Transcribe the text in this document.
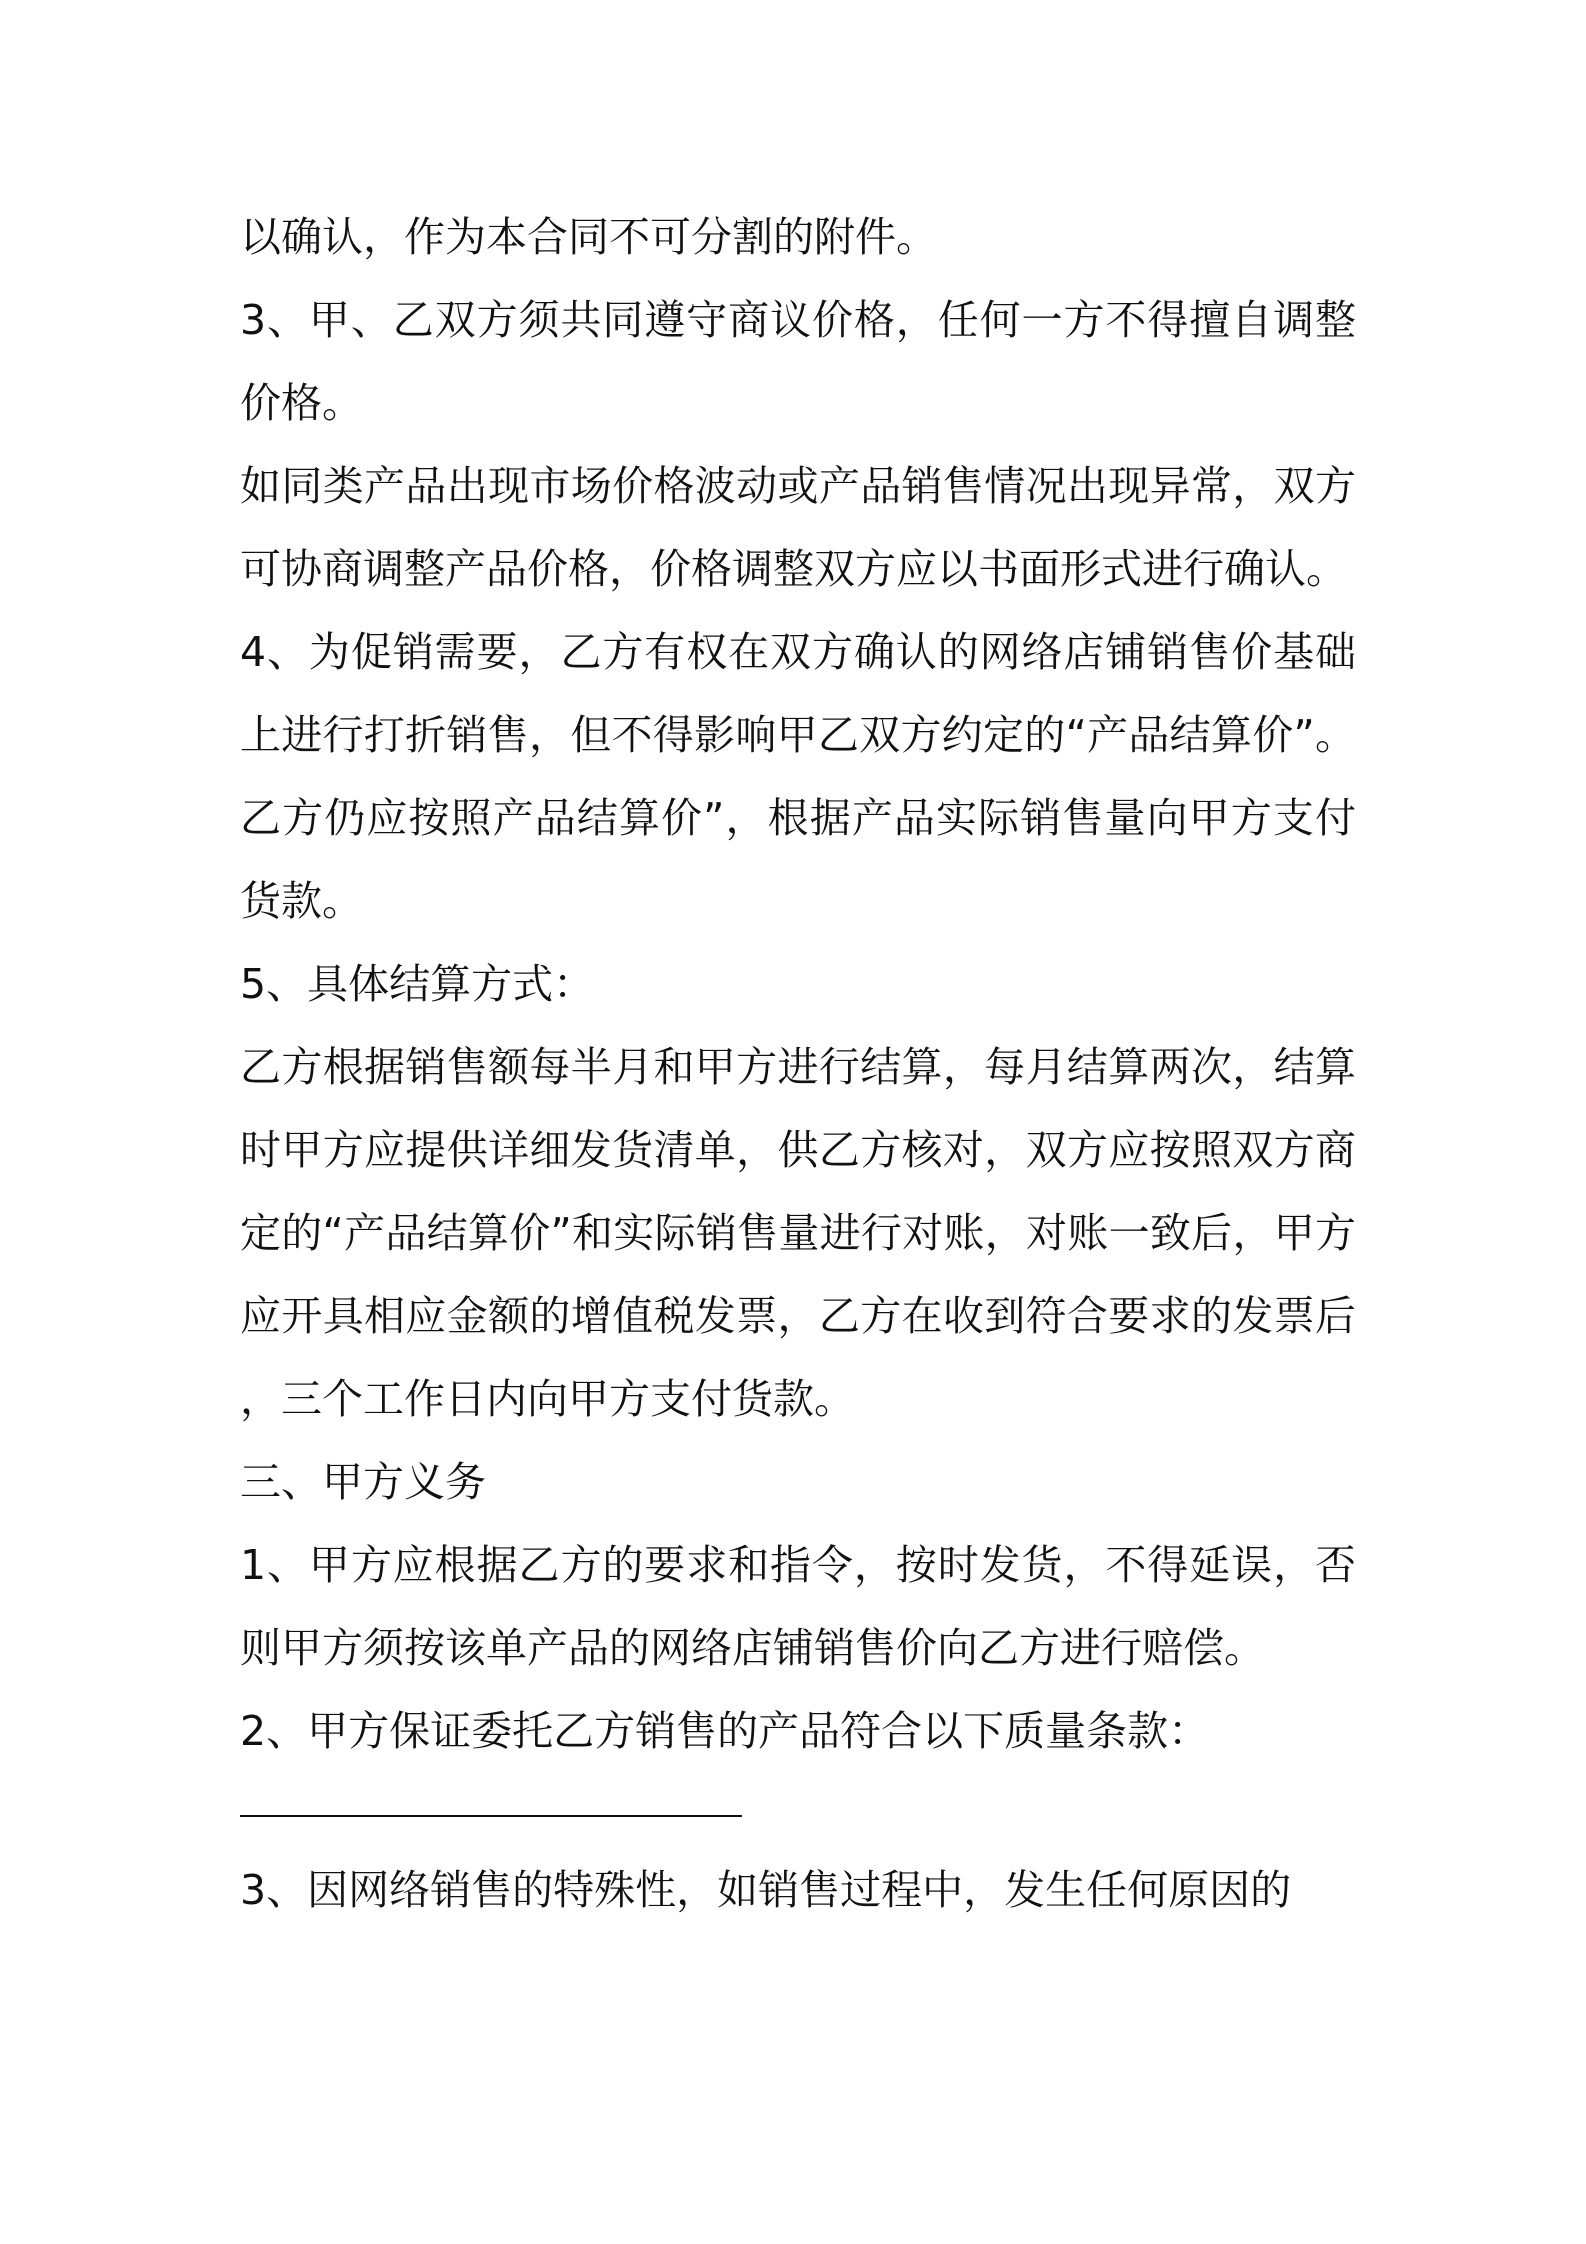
以确认，作为本合同不可分割的附件。

3、甲、乙双方须共同遵守商议价格，任何一方不得擅自调整价格。

如同类产品出现市场价格波动或产品销售情况出现异常，双方可协商调整产品价格，价格调整双方应以书面形式进行确认。

4、为促销需要，乙方有权在双方确认的网络店铺销售价基础上进行打折销售，但不得影响甲乙双方约定的“产品结算价”。乙方仍应按照产品结算价”，根据产品实际销售量向甲方支付货款。

5、具体结算方式：

乙方根据销售额每半月和甲方进行结算，每月结算两次，结算时甲方应提供详细发货清单，供乙方核对，双方应按照双方商定的“产品结算价”和实际销售量进行对账，对账一致后，甲方应开具相应金额的增值税发票，乙方在收到符合要求的发票后，三个工作日内向甲方支付货款。

三、甲方义务

1、甲方应根据乙方的要求和指令，按时发货，不得延误，否则甲方须按该单产品的网络店铺销售价向乙方进行赔偿。

2、甲方保证委托乙方销售的产品符合以下质量条款：

3、因网络销售的特殊性，如销售过程中，发生任何原因的
